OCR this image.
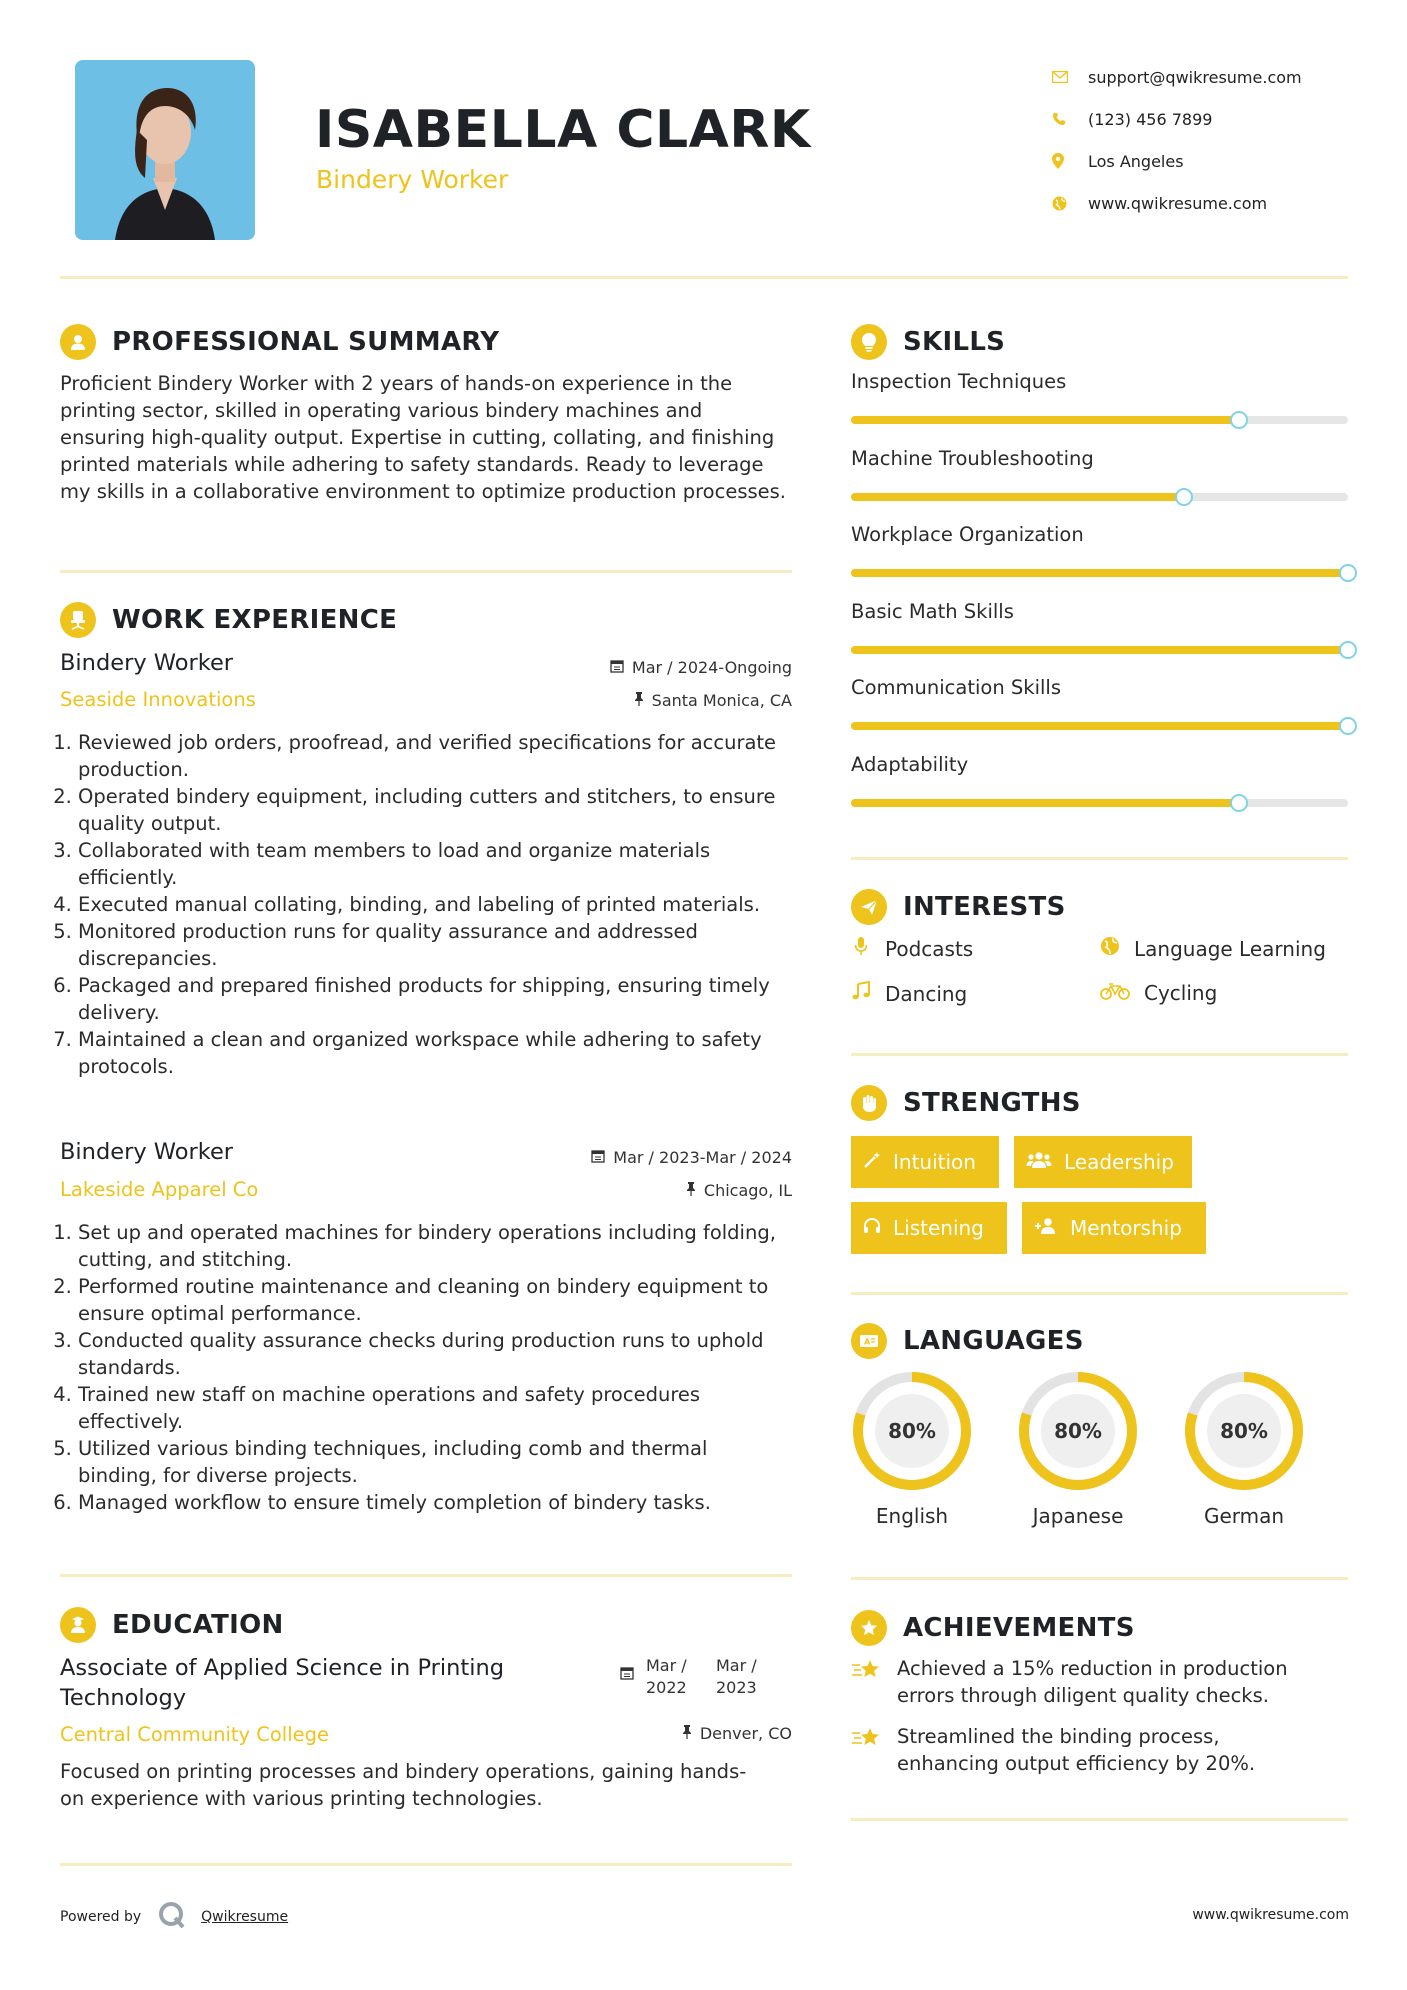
ISABELLA CLARK
Bindery Worker
support@qwikresume.com
(123) 456 7899
Los Angeles
www.qwikresume.com
PROFESSIONAL SUMMARY
Proficient Bindery Worker with 2 years of hands-on experience in the printing sector, skilled in operating various bindery machines and ensuring high-quality output. Expertise in cutting, collating, and finishing printed materials while adhering to safety standards. Ready to leverage my skills in a collaborative environment to optimize production processes.
WORK EXPERIENCE
Bindery Worker	Mar / 2024-Ongoing
Seaside Innovations	Santa Monica, CA
1. Reviewed job orders, proofread, and verified specifications for accurate production.
2. Operated bindery equipment, including cutters and stitchers, to ensure quality output.
3. Collaborated with team members to load and organize materials efficiently.
4. Executed manual collating, binding, and labeling of printed materials.
5. Monitored production runs for quality assurance and addressed discrepancies.
6. Packaged and prepared finished products for shipping, ensuring timely delivery.
7. Maintained a clean and organized workspace while adhering to safety protocols.
Bindery Worker	Mar / 2023-Mar / 2024
Lakeside Apparel Co	Chicago, IL
1. Set up and operated machines for bindery operations including folding, cutting, and stitching.
2. Performed routine maintenance and cleaning on bindery equipment to ensure optimal performance.
3. Conducted quality assurance checks during production runs to uphold standards.
4. Trained new staff on machine operations and safety procedures effectively.
5. Utilized various binding techniques, including comb and thermal binding, for diverse projects.
6. Managed workflow to ensure timely completion of bindery tasks.
EDUCATION
Associate of Applied Science in Printing
Technology
Mar /
2022
Mar /
2023
Central Community College	Denver, CO
Focused on printing processes and bindery operations, gaining hands-on experience with various printing technologies.
SKILLS
Inspection Techniques
Machine Troubleshooting
Workplace Organization
Basic Math Skills
Communication Skills
Adaptability
INTERESTS
Podcasts	Language Learning
Dancing	Cycling
STRENGTHS
Intuition	Leadership
Listening	Mentorship
A LANGUAGES
80%
English
80%
Japanese
80%
German
ACHIEVEMENTS
Achieved a 15% reduction in production
errors through diligent quality checks.
Streamlined the binding process,
enhancing output efficiency by 20%.
Powered by	Qwikresume	www.qwikresume.com
